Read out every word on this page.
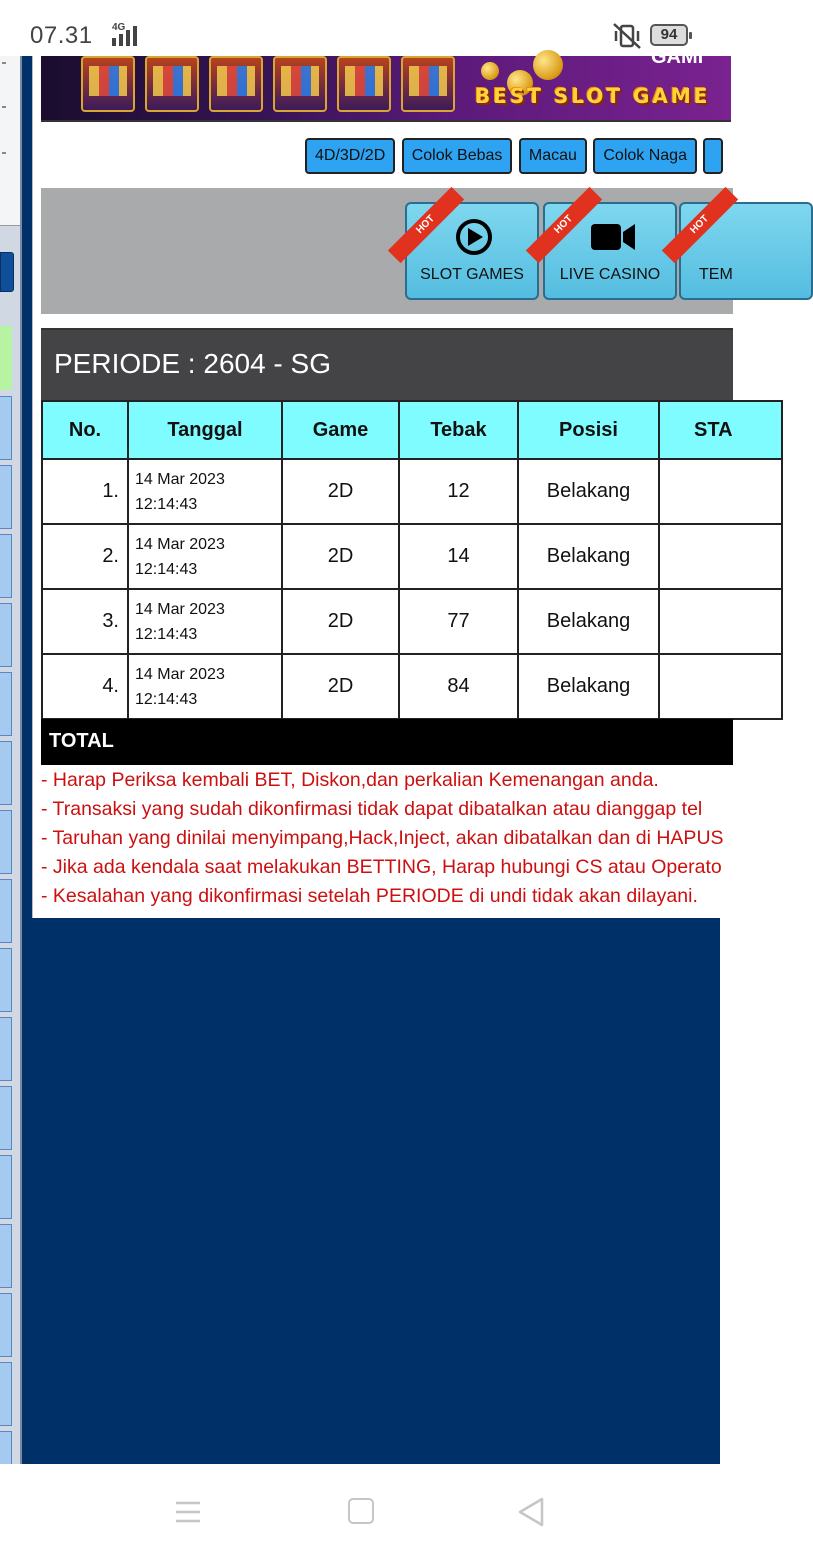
07.31 4G	94
GAMI
BEST SLOT GAME
4D/3D/2D Colok Bebas Macau Colok Naga
HOT
SLOT GAMES
HOT
LIVE CASINO
HOT
TEM
PERIODE : 2604 - SG
No.	Tanggal	Game	Tebak	Posisi	STA
1.	14 Mar 2023
12:14:43	2D	12	Belakang	
2.	14 Mar 2023
12:14:43	2D	14	Belakang	
3.	14 Mar 2023
12:14:43	2D	77	Belakang	
4.	14 Mar 2023
12:14:43	2D	84	Belakang	
TOTAL
- Harap Periksa kembali BET, Diskon,dan perkalian Kemenangan anda.
- Transaksi yang sudah dikonfirmasi tidak dapat dibatalkan atau dianggap tel
- Taruhan yang dinilai menyimpang,Hack,Inject, akan dibatalkan dan di HAPUS
- Jika ada kendala saat melakukan BETTING, Harap hubungi CS atau Operato
- Kesalahan yang dikonfirmasi setelah PERIODE di undi tidak akan dilayani.
